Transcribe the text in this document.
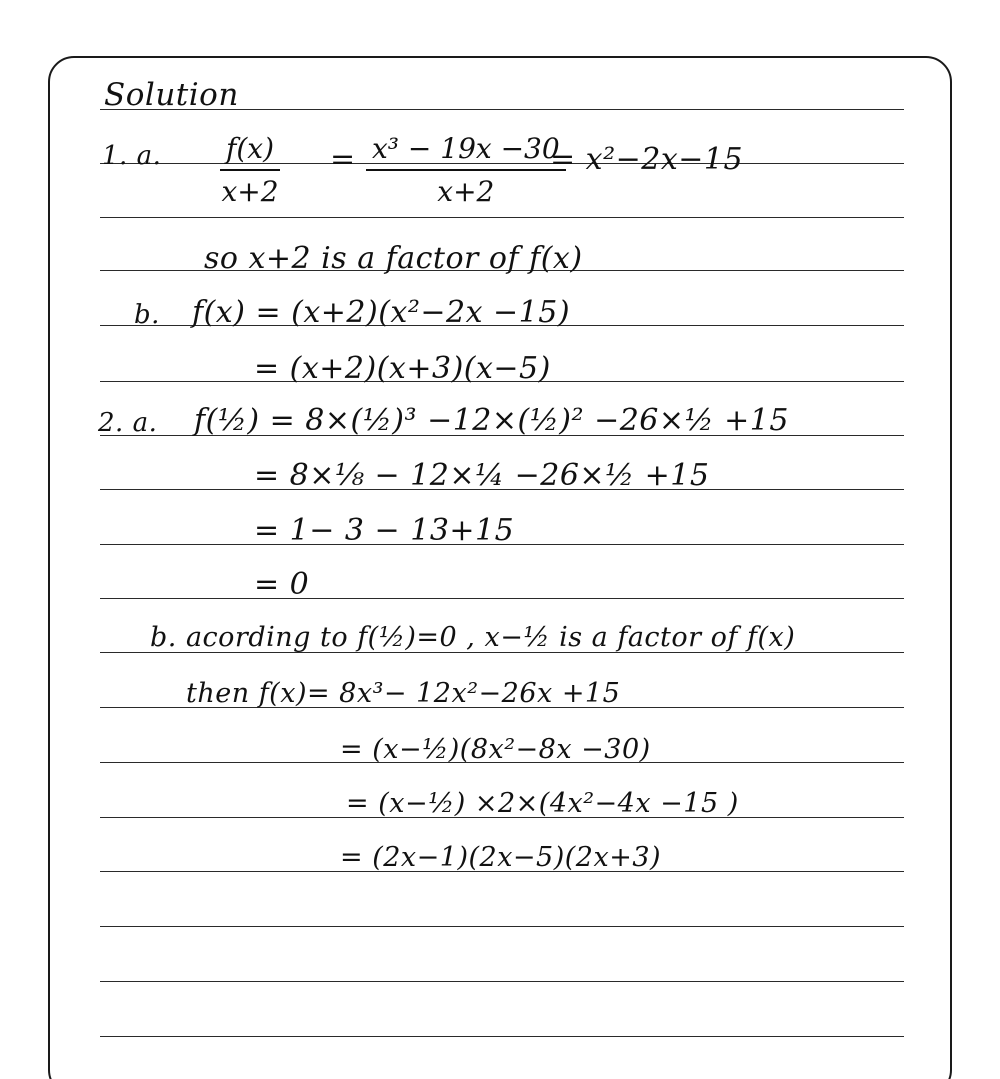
Solution
1. a. $\frac{f(x)}{x+2} = \frac{\text{x³ − 19x −30}}{x+2}$
= x²−2x−15
so x+2 is a factor of f(x)
b. f(x) = (x+2)(x²−2x −15)
= (x+2)(x+3)(x−5)
2. a. f(½) = 8×(½)³ −12×(½)² −26×½ +15
= 8×⅛ − 12×¼ −26×½ +15
= 1− 3 − 13+15
= 0
b. acording to f(½)=0 , x−½ is a factor of f(x)
then f(x)= 8x³− 12x²−26x +15
= (x−½)(8x²−8x −30)
= (x−½) ×2×(4x²−4x −15 )
= (2x−1)(2x−5)(2x+3)
